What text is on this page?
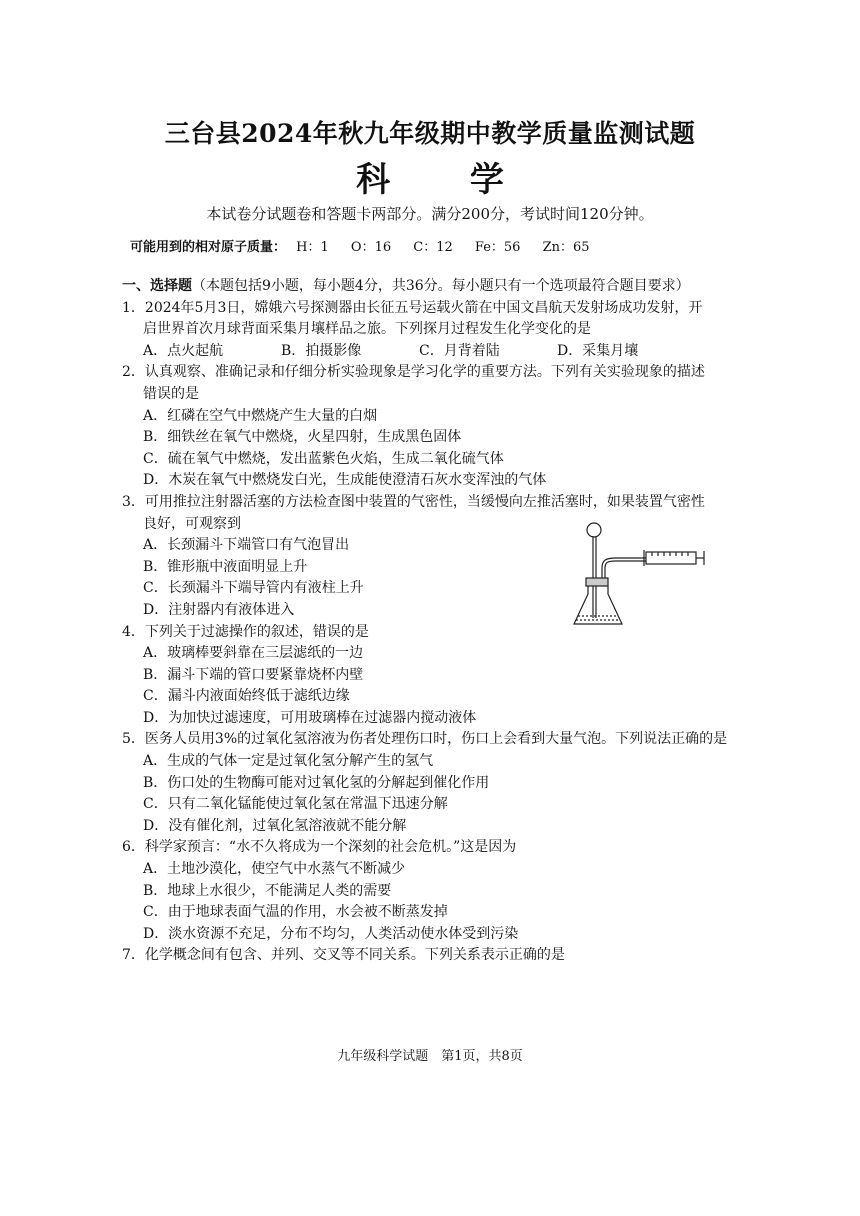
三台县2024年秋九年级期中教学质量监测试题
科 学
本试卷分试题卷和答题卡两部分。满分200分，考试时间120分钟。
可能用到的相对原子质量： H：1 O：16 C：12 Fe：56 Zn：65
一、选择题（本题包括9小题，每小题4分，共36分。每小题只有一个选项最符合题目要求）
1．2024年5月3日，嫦娥六号探测器由长征五号运载火箭在中国文昌航天发射场成功发射，开
启世界首次月球背面采集月壤样品之旅。下列探月过程发生化学变化的是
A．点火起航	B．拍摄影像	C．月背着陆	D．采集月壤
2．认真观察、准确记录和仔细分析实验现象是学习化学的重要方法。下列有关实验现象的描述
错误的是
A．红磷在空气中燃烧产生大量的白烟
B．细铁丝在氧气中燃烧，火星四射，生成黑色固体
C．硫在氧气中燃烧，发出蓝紫色火焰，生成二氧化硫气体
D．木炭在氧气中燃烧发白光，生成能使澄清石灰水变浑浊的气体
3．可用推拉注射器活塞的方法检查图中装置的气密性，当缓慢向左推活塞时，如果装置气密性
良好，可观察到
A．长颈漏斗下端管口有气泡冒出
B．锥形瓶中液面明显上升
C．长颈漏斗下端导管内有液柱上升
D．注射器内有液体进入
4．下列关于过滤操作的叙述，错误的是
A．玻璃棒要斜靠在三层滤纸的一边
B．漏斗下端的管口要紧靠烧杯内壁
C．漏斗内液面始终低于滤纸边缘
D．为加快过滤速度，可用玻璃棒在过滤器内搅动液体
5．医务人员用3%的过氧化氢溶液为伤者处理伤口时，伤口上会看到大量气泡。下列说法正确的是
A．生成的气体一定是过氧化氢分解产生的氢气
B．伤口处的生物酶可能对过氧化氢的分解起到催化作用
C．只有二氧化锰能使过氧化氢在常温下迅速分解
D．没有催化剂，过氧化氢溶液就不能分解
6．科学家预言：“水不久将成为一个深刻的社会危机。”这是因为
A．土地沙漠化，使空气中水蒸气不断减少
B．地球上水很少，不能满足人类的需要
C．由于地球表面气温的作用，水会被不断蒸发掉
D．淡水资源不充足，分布不均匀，人类活动使水体受到污染
7．化学概念间有包含、并列、交叉等不同关系。下列关系表示正确的是
九年级科学试题　第1页，共8页
